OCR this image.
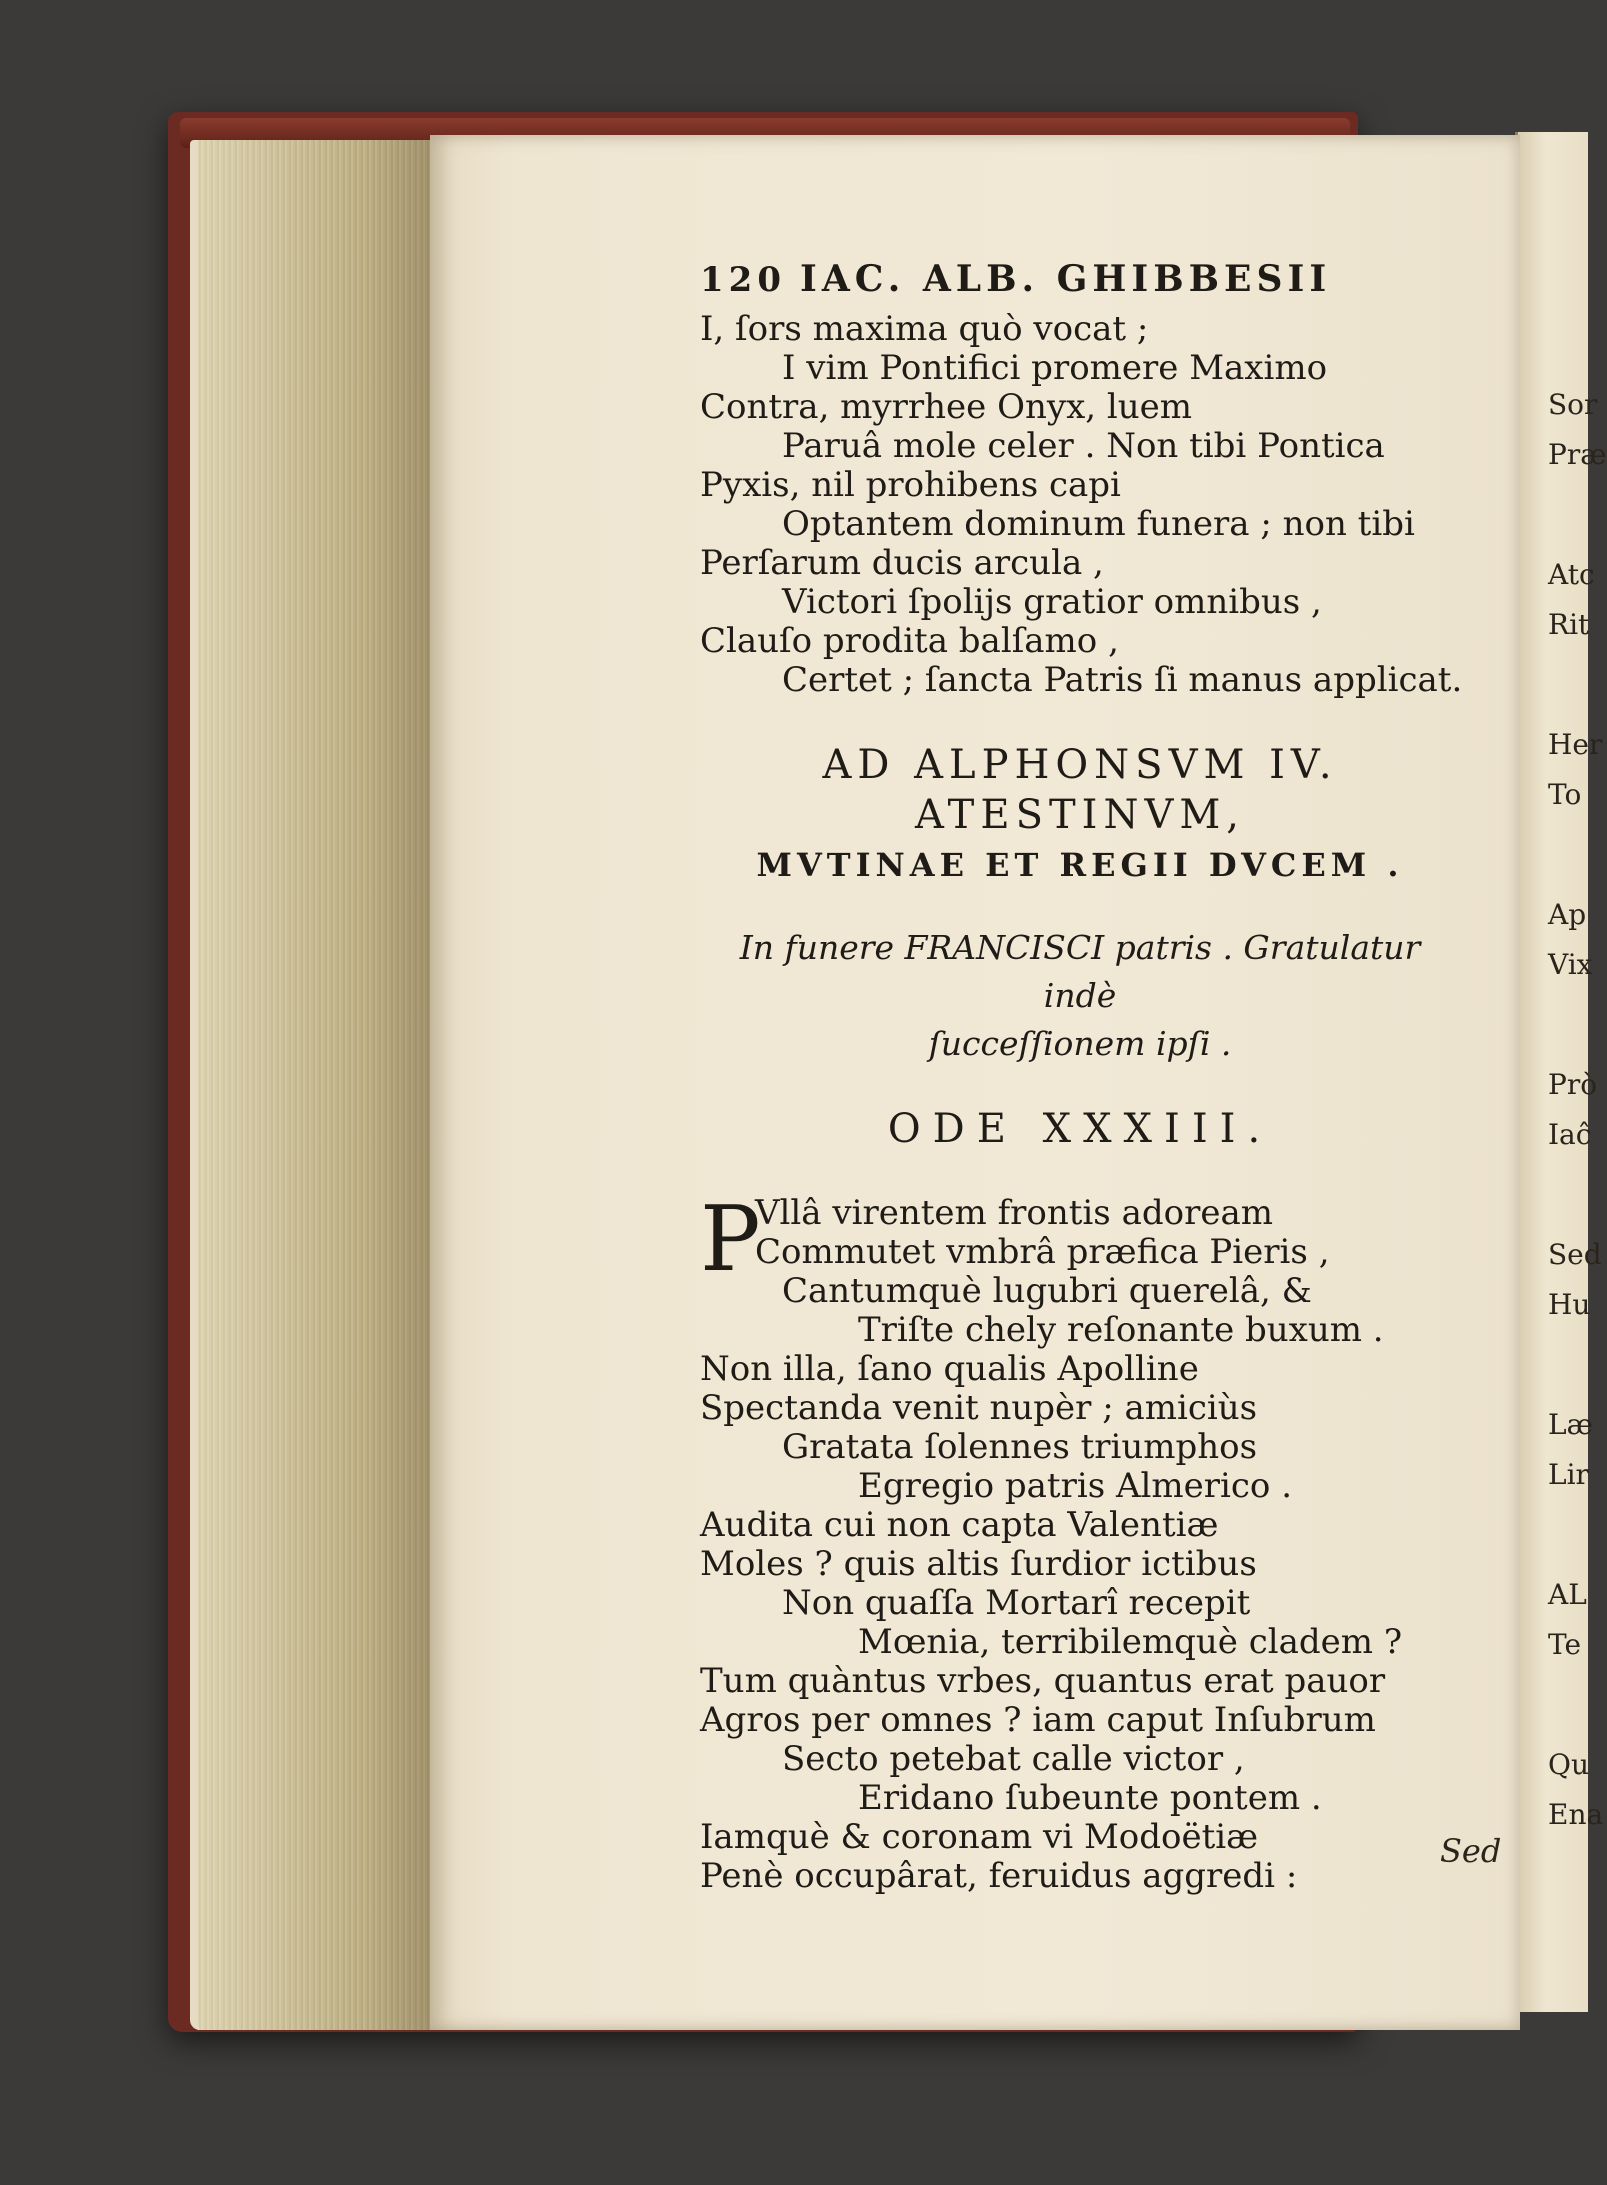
Sor
Præ
Atc
Rit
Her
To
Ap
Vix
Prò
Iaĉ
Sed
Hu
Læ
Lir
AL
Te
Qu
Ena
120 IAC. ALB. GHIBBESII
I, ſors maxima quò vocat ;
I vim Pontifici promere Maximo
Contra, myrrhee Onyx, luem
Paruâ mole celer . Non tibi Pontica
Pyxis, nil prohibens capi
Optantem dominum funera ; non tibi
Perſarum ducis arcula ,
Victori ſpolijs gratior omnibus ,
Clauſo prodita balſamo ,
Certet ; ſancta Patris ſi manus applicat.
AD ALPHONSVM IV.
ATESTINVM,
MVTINAE ET REGII DVCEM .
In funere FRANCISCI patris . Gratulatur indè
ſucceſſionem ipſi .
ODE XXXIII.
P
Vllâ virentem frontis adoream
Commutet vmbrâ præfica Pieris ,
Cantumquè lugubri querelâ, &
Triſte chely reſonante buxum .
Non illa, ſano qualis Apolline
Spectanda venit nupèr ; amiciùs
Gratata ſolennes triumphos
Egregio patris Almerico .
Audita cui non capta Valentiæ
Moles ? quis altis ſurdior ictibus
Non quaſſa Mortarî recepit
Mœnia, terribilemquè cladem ?
Tum quàntus vrbes, quantus erat pauor
Agros per omnes ? iam caput Inſubrum
Secto petebat calle victor ,
Eridano ſubeunte pontem .
Iamquè & coronam vi Modoëtiæ
Penè occupârat, feruidus aggredi :
Sed
